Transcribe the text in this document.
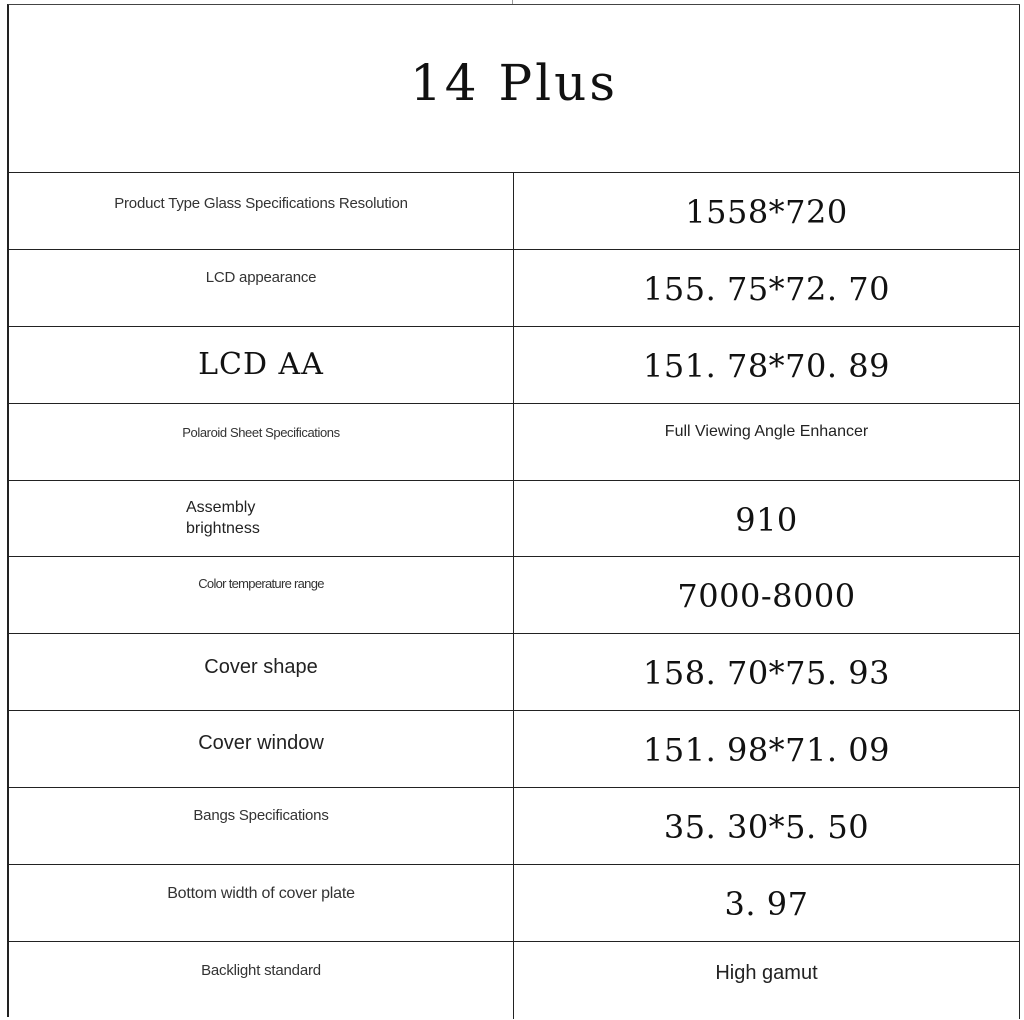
14 Plus
Product Type Glass Specifications Resolution	1558*720
LCD appearance	155. 75*72. 70
LCD AA	151. 78*70. 89
Polaroid Sheet Specifications	Full Viewing Angle Enhancer
Assembly
brightness	910
Color temperature range	7000-8000
Cover shape	158. 70*75. 93
Cover window	151. 98*71. 09
Bangs Specifications	35. 30*5. 50
Bottom width of cover plate	3. 97
Backlight standard	High gamut
